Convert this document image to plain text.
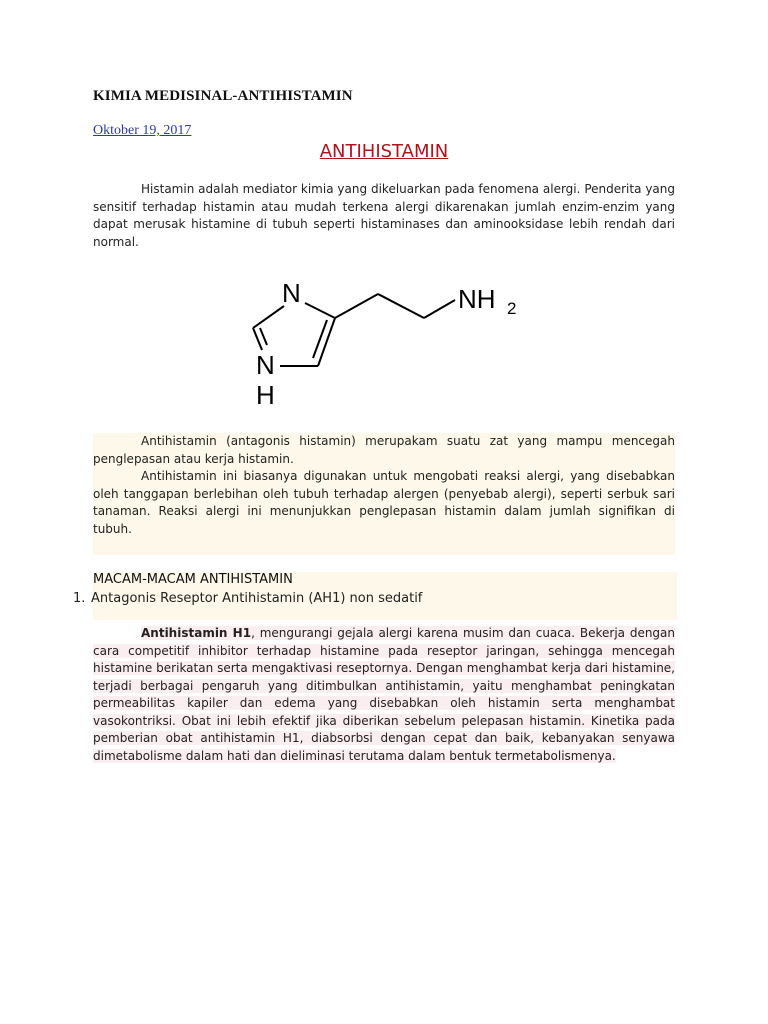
KIMIA MEDISINAL-ANTIHISTAMIN
Oktober 19, 2017
ANTIHISTAMIN

Histamin adalah mediator kimia yang dikeluarkan pada fenomena alergi. Penderita yang sensitif terhadap histamin atau mudah terkena alergi dikarenakan jumlah enzim-enzim yang dapat merusak histamine di tubuh seperti histaminases dan aminooksidase lebih rendah dari normal.

N
N
H
NH 2

Antihistamin (antagonis histamin) merupakam suatu zat yang mampu mencegah penglepasan atau kerja histamin.

Antihistamin ini biasanya digunakan untuk mengobati reaksi alergi, yang disebabkan oleh tanggapan berlebihan oleh tubuh terhadap alergen (penyebab alergi), seperti serbuk sari tanaman. Reaksi alergi ini menunjukkan penglepasan histamin dalam jumlah signifikan di tubuh.

MACAM-MACAM ANTIHISTAMIN
1. Antagonis Reseptor Antihistamin (AH1) non sedatif

Antihistamin H1, mengurangi gejala alergi karena musim dan cuaca. Bekerja dengan cara competitif inhibitor terhadap histamine pada reseptor jaringan, sehingga mencegah histamine berikatan serta mengaktivasi reseptornya. Dengan menghambat kerja dari histamine, terjadi berbagai pengaruh yang ditimbulkan antihistamin, yaitu menghambat peningkatan permeabilitas kapiler dan edema yang disebabkan oleh histamin serta menghambat vasokontriksi. Obat ini lebih efektif jika diberikan sebelum pelepasan histamin. Kinetika pada pemberian obat antihistamin H1, diabsorbsi dengan cepat dan baik, kebanyakan senyawa dimetabolisme dalam hati dan dieliminasi terutama dalam bentuk termetabolismenya.
